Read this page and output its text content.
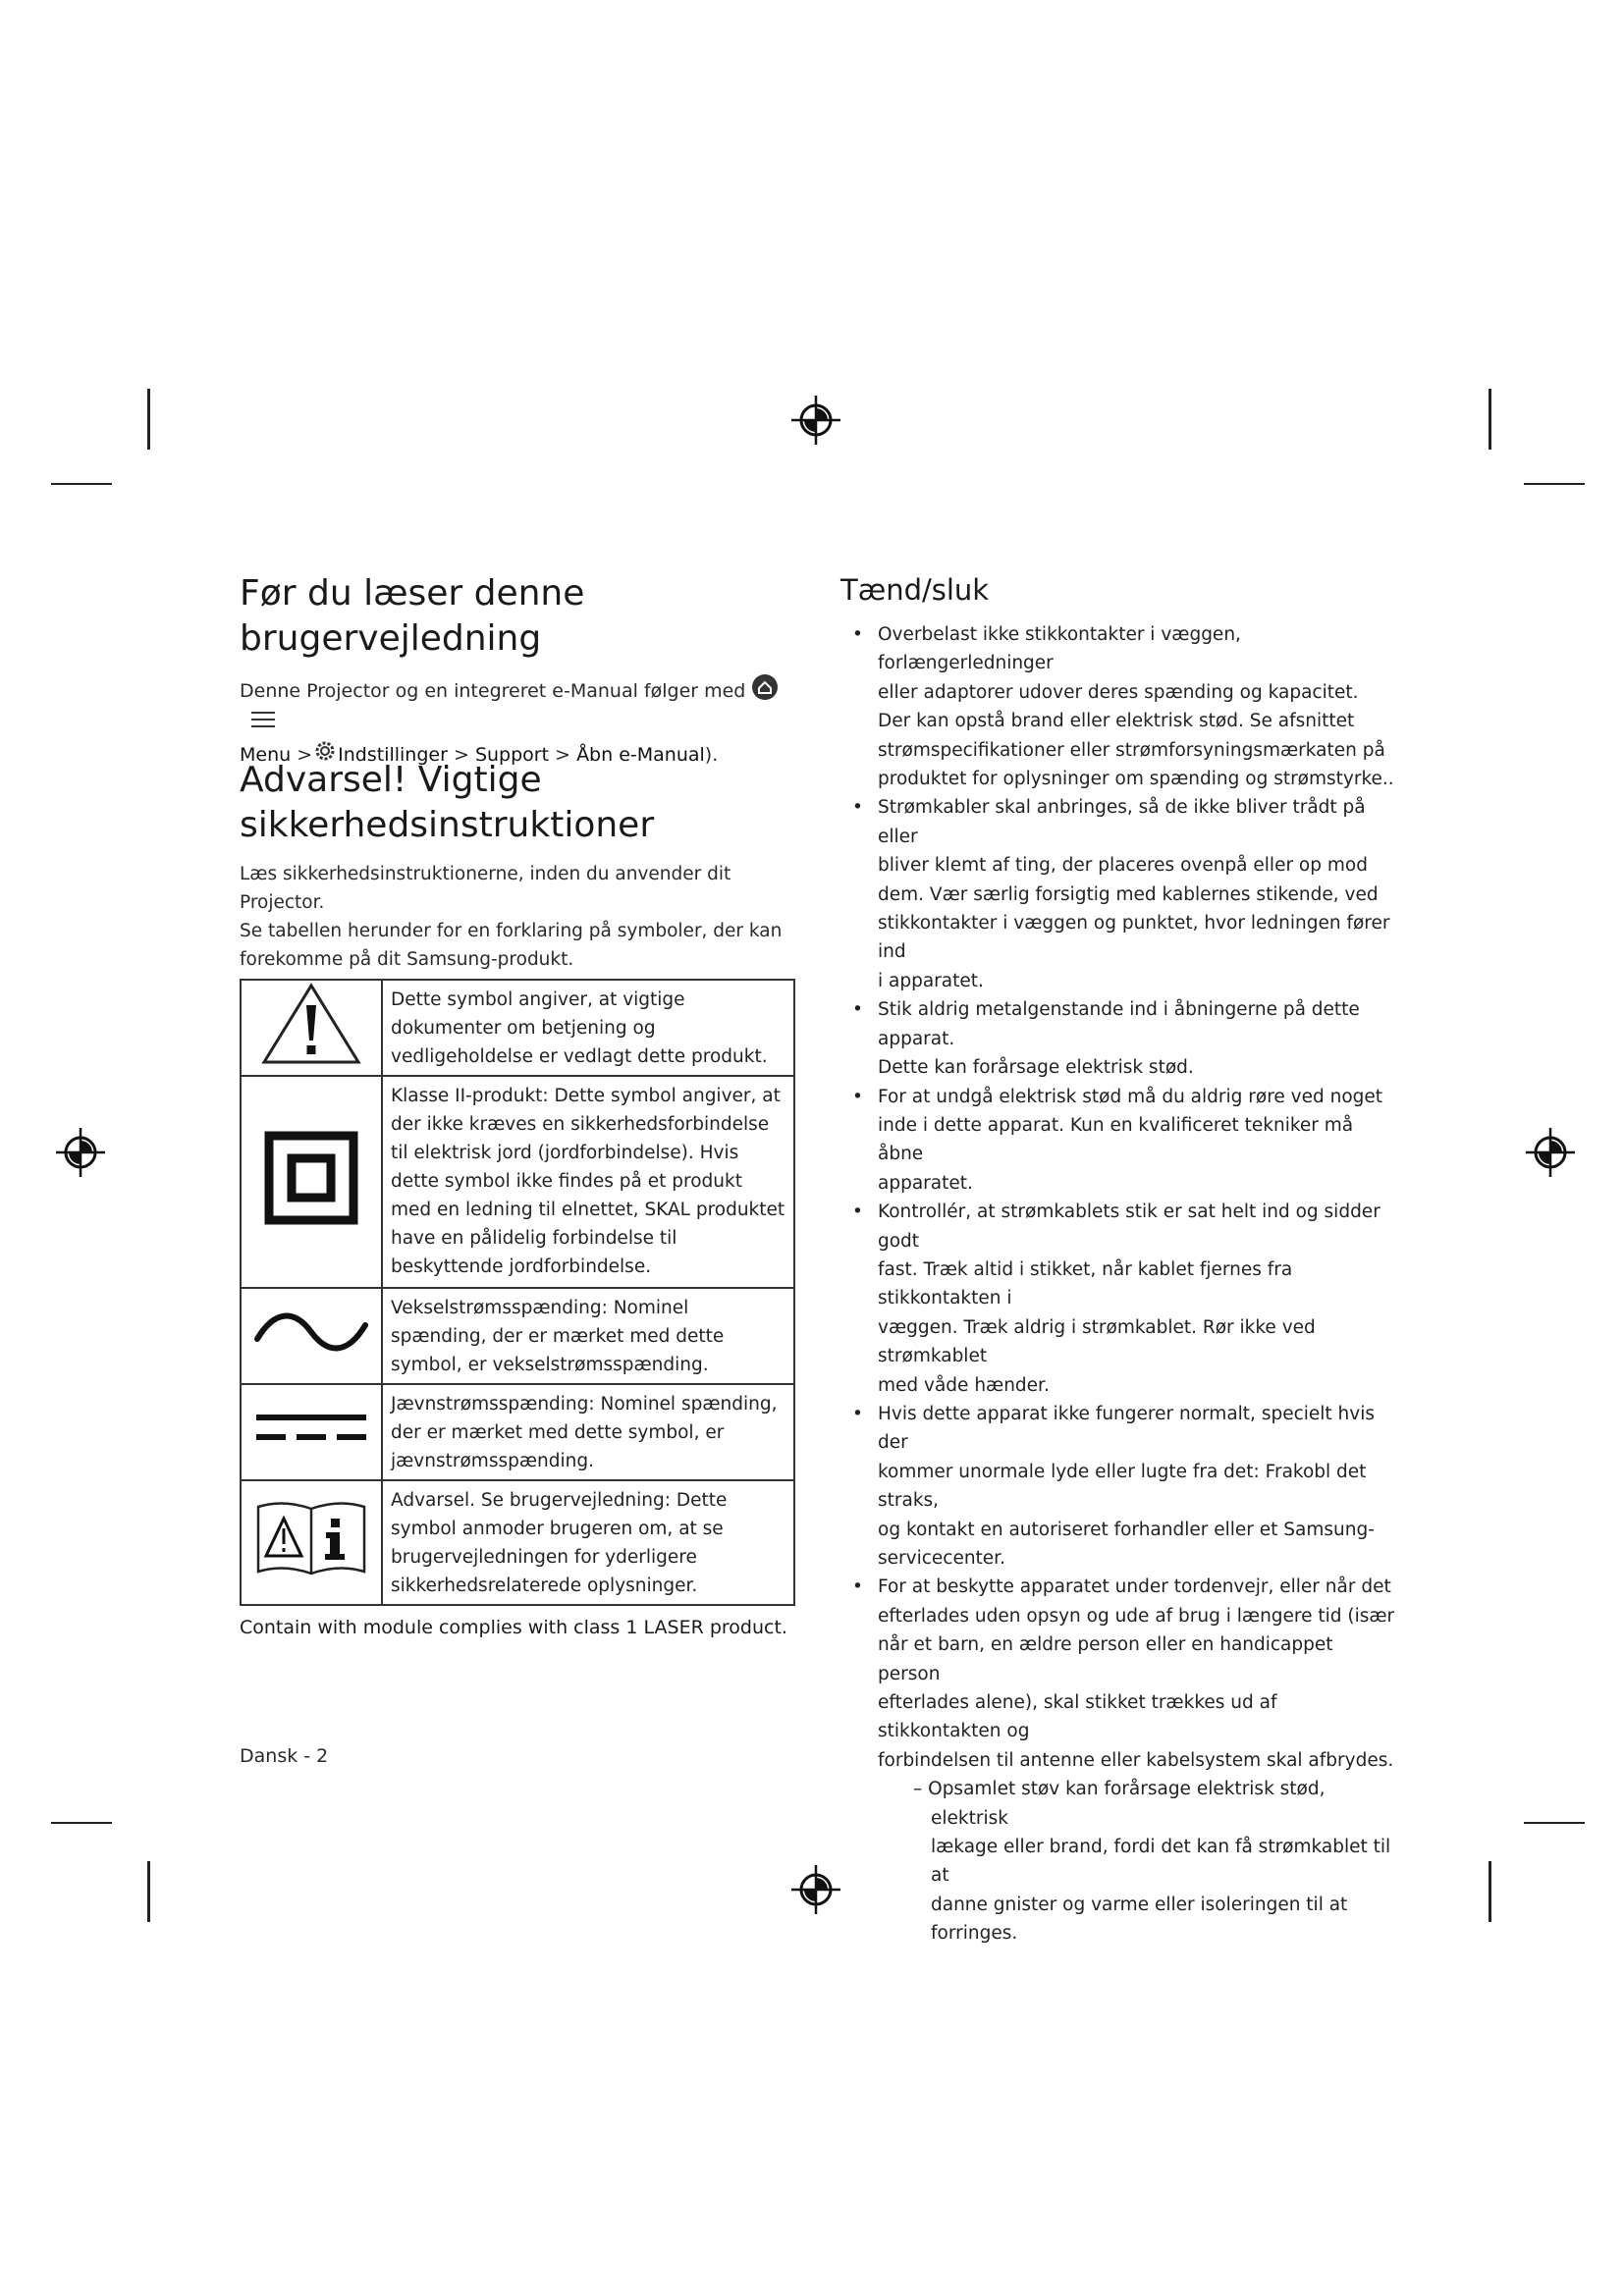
Før du læser denne
brugervejledning
Denne Projector og en integreret e-Manual følger med
Menu > Indstillinger > Support > Åbn e-Manual).
Advarsel! Vigtige
sikkerhedsinstruktioner
Læs sikkerhedsinstruktionerne, inden du anvender dit Projector.
Se tabellen herunder for en forklaring på symboler, der kan
forekomme på dit Samsung-produkt.
	Dette symbol angiver, at vigtige dokumenter om betjening og vedligeholdelse er vedlagt dette produkt.
	Klasse II-produkt: Dette symbol angiver, at der ikke kræves en sikkerhedsforbindelse til elektrisk jord (jordforbindelse). Hvis dette symbol ikke findes på et produkt med en ledning til elnettet, SKAL produktet have en pålidelig forbindelse til beskyttende jordforbindelse.
	Vekselstrømsspænding: Nominel spænding, der er mærket med dette symbol, er vekselstrømsspænding.
	Jævnstrømsspænding: Nominel spænding, der er mærket med dette symbol, er jævnstrømsspænding.
	Advarsel. Se brugervejledning: Dette symbol anmoder brugeren om, at se brugervejledningen for yderligere sikkerhedsrelaterede oplysninger.
Contain with module complies with class 1 LASER product.
Dansk - 2
Tænd/sluk
• Overbelast ikke stikkontakter i væggen, forlængerledninger
eller adaptorer udover deres spænding og kapacitet.
Der kan opstå brand eller elektrisk stød. Se afsnittet
strømspecifikationer eller strømforsyningsmærkaten på
produktet for oplysninger om spænding og strømstyrke..
• Strømkabler skal anbringes, så de ikke bliver trådt på eller
bliver klemt af ting, der placeres ovenpå eller op mod
dem. Vær særlig forsigtig med kablernes stikende, ved
stikkontakter i væggen og punktet, hvor ledningen fører ind
i apparatet.
• Stik aldrig metalgenstande ind i åbningerne på dette apparat.
Dette kan forårsage elektrisk stød.
• For at undgå elektrisk stød må du aldrig røre ved noget
inde i dette apparat. Kun en kvalificeret tekniker må åbne
apparatet.
• Kontrollér, at strømkablets stik er sat helt ind og sidder godt
fast. Træk altid i stikket, når kablet fjernes fra stikkontakten i
væggen. Træk aldrig i strømkablet. Rør ikke ved strømkablet
med våde hænder.
• Hvis dette apparat ikke fungerer normalt, specielt hvis der
kommer unormale lyde eller lugte fra det: Frakobl det straks,
og kontakt en autoriseret forhandler eller et Samsung-
servicecenter.
• For at beskytte apparatet under tordenvejr, eller når det
efterlades uden opsyn og ude af brug i længere tid (især
når et barn, en ældre person eller en handicappet person
efterlades alene), skal stikket trækkes ud af stikkontakten og
forbindelsen til antenne eller kabelsystem skal afbrydes.
– Opsamlet støv kan forårsage elektrisk stød, elektrisk
lækage eller brand, fordi det kan få strømkablet til at
danne gnister og varme eller isoleringen til at forringes.
